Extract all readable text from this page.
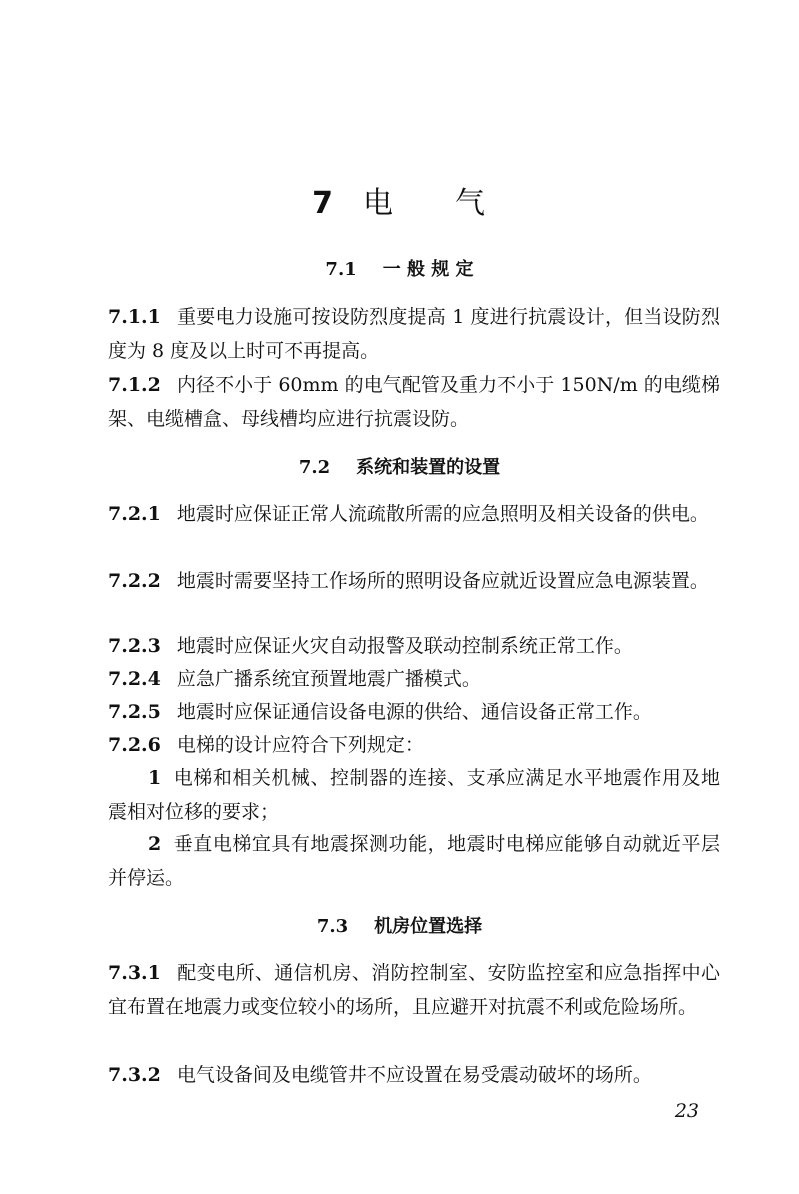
7 电 气
7.1 一 般 规 定
7.1.1 重要电力设施可按设防烈度提高 1 度进行抗震设计，但当设防烈度为 8 度及以上时可不再提高。
7.1.2 内径不小于 60mm 的电气配管及重力不小于 150N/m 的电缆梯架、电缆槽盒、母线槽均应进行抗震设防。
7.2 系统和装置的设置
7.2.1 地震时应保证正常人流疏散所需的应急照明及相关设备的供电。
7.2.2 地震时需要坚持工作场所的照明设备应就近设置应急电源装置。
7.2.3 地震时应保证火灾自动报警及联动控制系统正常工作。
7.2.4 应急广播系统宜预置地震广播模式。
7.2.5 地震时应保证通信设备电源的供给、通信设备正常工作。
7.2.6 电梯的设计应符合下列规定：
1 电梯和相关机械、控制器的连接、支承应满足水平地震作用及地震相对位移的要求；
2 垂直电梯宜具有地震探测功能，地震时电梯应能够自动就近平层并停运。
7.3 机房位置选择
7.3.1 配变电所、通信机房、消防控制室、安防监控室和应急指挥中心宜布置在地震力或变位较小的场所，且应避开对抗震不利或危险场所。
7.3.2 电气设备间及电缆管井不应设置在易受震动破坏的场所。
23
